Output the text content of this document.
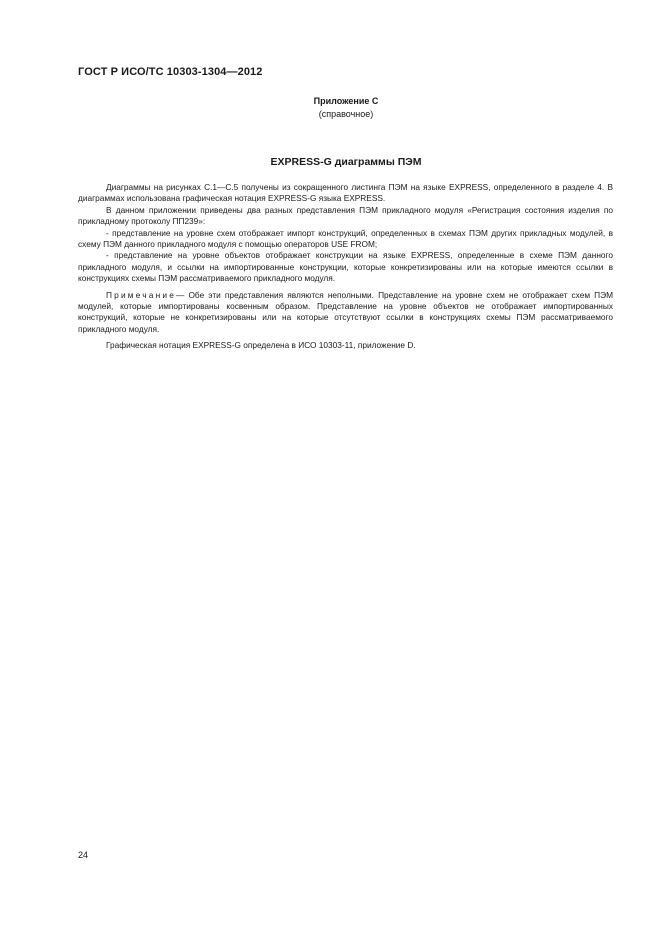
ГОСТ Р ИСО/ТС 10303-1304—2012
Приложение С
(справочное)
EXPRESS-G диаграммы ПЭМ

Диаграммы на рисунках С.1—С.5 получены из сокращенного листинга ПЭМ на языке EXPRESS, определенного в разделе 4. В диаграммах использована графическая нотация EXPRESS-G языка EXPRESS.

В данном приложении приведены два разных представления ПЭМ прикладного модуля «Регистрация состояния изделия по прикладному протоколу ПП239»:

- представление на уровне схем отображает импорт конструкций, определенных в схемах ПЭМ других прикладных модулей, в схему ПЭМ данного прикладного модуля с помощью операторов USE FROM;

- представление на уровне объектов отображает конструкции на языке EXPRESS, определенные в схеме ПЭМ данного прикладного модуля, и ссылки на импортированные конструкции, которые конкретизированы или на которые имеются ссылки в конструкциях схемы ПЭМ рассматриваемого прикладного модуля.

Примечание— Обе эти представления являются неполными. Представление на уровне схем не отображает схем ПЭМ модулей, которые импортированы косвенным образом. Представление на уровне объектов не отображает импортированных конструкций, которые не конкретизированы или на которые отсутствуют ссылки в конструкциях схемы ПЭМ рассматриваемого прикладного модуля.

Графическая нотация EXPRESS-G определена в ИСО 10303-11, приложение D.

24
